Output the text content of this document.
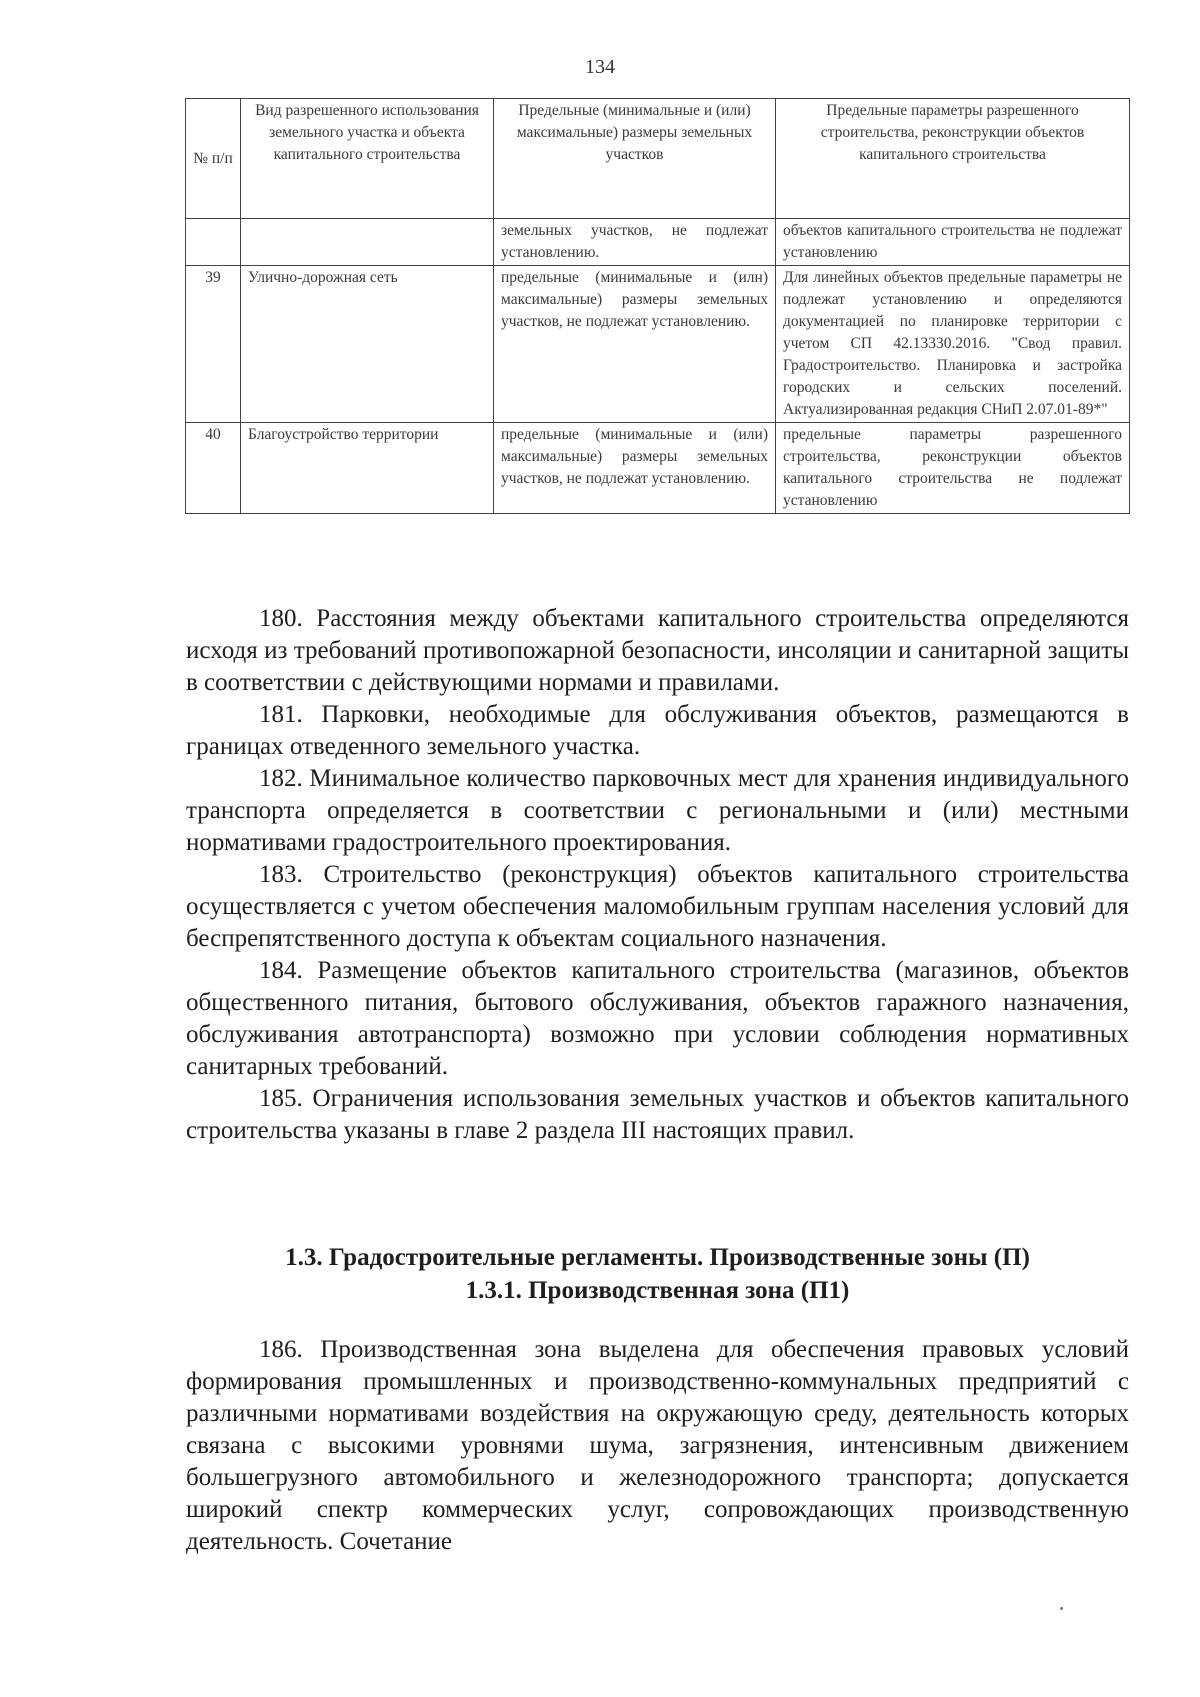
134
№ п/п	Вид разрешенного использования земельного участка и объекта капитального строительства	Предельные (минимальные и (или) максимальные) размеры земельных участков	Предельные параметры разрешенного строительства, реконструкции объектов капитального строительства
		земельных участков, не подлежат установлению.	объектов капитального строительства не подлежат установлению
39	Улично-дорожная сеть	предельные (минимальные и (илн) максимальные) размеры земельных участков, не подлежат установлению.	Для линейных объектов предельные параметры не подлежат установлению и определяются документацией по планировке территории с учетом СП 42.13330.2016. "Свод правил. Градостроительство. Планировка и застройка городских и сельских поселений. Актуализированная редакция СНиП 2.07.01-89*"
40	Благоустройство территории	предельные (минимальные и (или) максимальные) размеры земельных участков, не подлежат установлению.	предельные параметры разрешенного строительства, реконструкции объектов капитального строительства не подлежат установлению

180. Расстояния между объектами капитального строительства определяются исходя из требований противопожарной безопасности, инсоляции и санитарной защиты в соответствии с действующими нормами и правилами.

181. Парковки, необходимые для обслуживания объектов, размещаются в границах отведенного земельного участка.

182. Минимальное количество парковочных мест для хранения индивидуального транспорта определяется в соответствии с региональными и (или) местными нормативами градостроительного проектирования.

183. Строительство (реконструкция) объектов капитального строительства осуществляется с учетом обеспечения маломобильным группам населения условий для беспрепятственного доступа к объектам социального назначения.

184. Размещение объектов капитального строительства (магазинов, объектов общественного питания, бытового обслуживания, объектов гаражного назначения, обслуживания автотранспорта) возможно при условии соблюдения нормативных санитарных требований.

185. Ограничения использования земельных участков и объектов капитального строительства указаны в главе 2 раздела III настоящих правил.

1.3. Градостроительные регламенты. Производственные зоны (П)
1.3.1. Производственная зона (П1)

186. Производственная зона выделена для обеспечения правовых условий формирования промышленных и производственно-коммунальных предприятий с различными нормативами воздействия на окружающую среду, деятельность которых связана с высокими уровнями шума, загрязнения, интенсивным движением большегрузного автомобильного и железнодорожного транспорта; допускается широкий спектр коммерческих услуг, сопровождающих производственную деятельность. Сочетание
